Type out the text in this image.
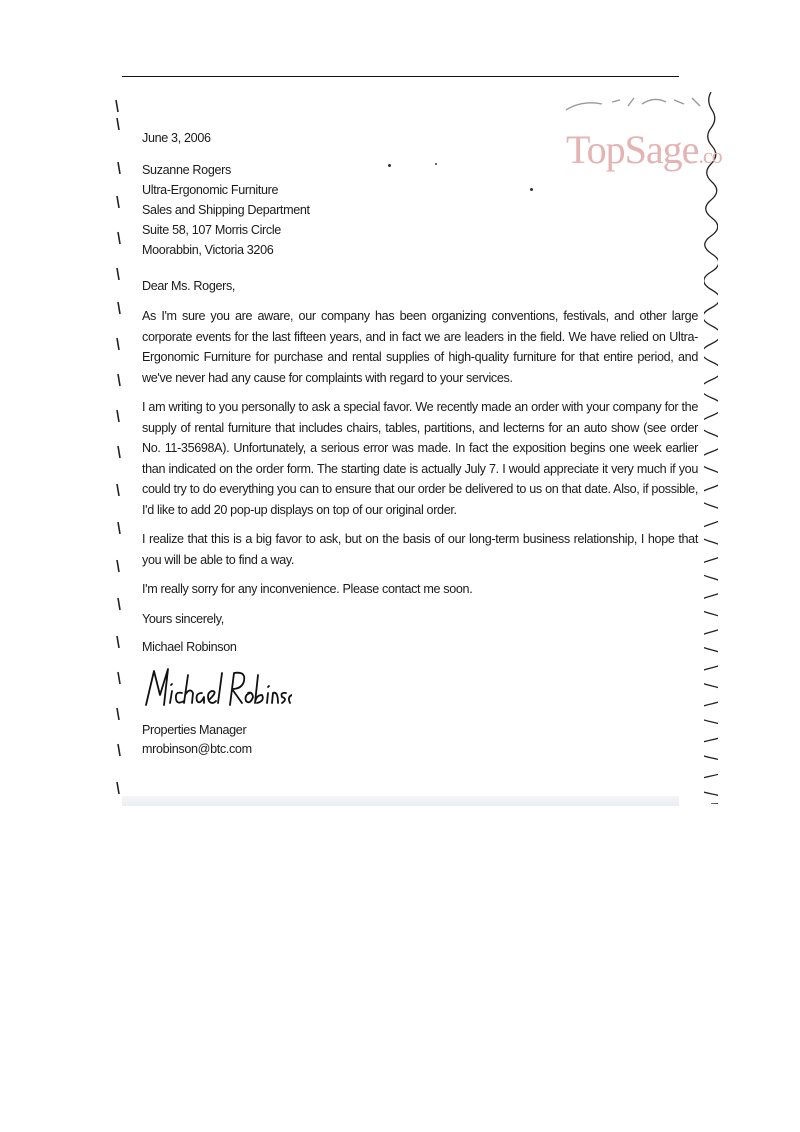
TopSage.co

June 3, 2006

Suzanne Rogers
Ultra-Ergonomic Furniture
Sales and Shipping Department
Suite 58, 107 Morris Circle
Moorabbin, Victoria 3206

Dear Ms. Rogers,

As I'm sure you are aware, our company has been organizing conventions, festivals, and other large corporate events for the last fifteen years, and in fact we are leaders in the field. We have relied on Ultra-Ergonomic Furniture for purchase and rental supplies of high-quality furniture for that entire period, and we've never had any cause for complaints with regard to your services.

I am writing to you personally to ask a special favor. We recently made an order with your company for the supply of rental furniture that includes chairs, tables, partitions, and lecterns for an auto show (see order No. 11-35698A). Unfortunately, a serious error was made. In fact the exposition begins one week earlier than indicated on the order form. The starting date is actually July 7. I would appreciate it very much if you could try to do everything you can to ensure that our order be delivered to us on that date. Also, if possible, I'd like to add 20 pop-up displays on top of our original order.

I realize that this is a big favor to ask, but on the basis of our long-term business relationship, I hope that you will be able to find a way.

I'm really sorry for any inconvenience. Please contact me soon.

Yours sincerely,

Michael Robinson

Properties Manager

mrobinson@btc.com
